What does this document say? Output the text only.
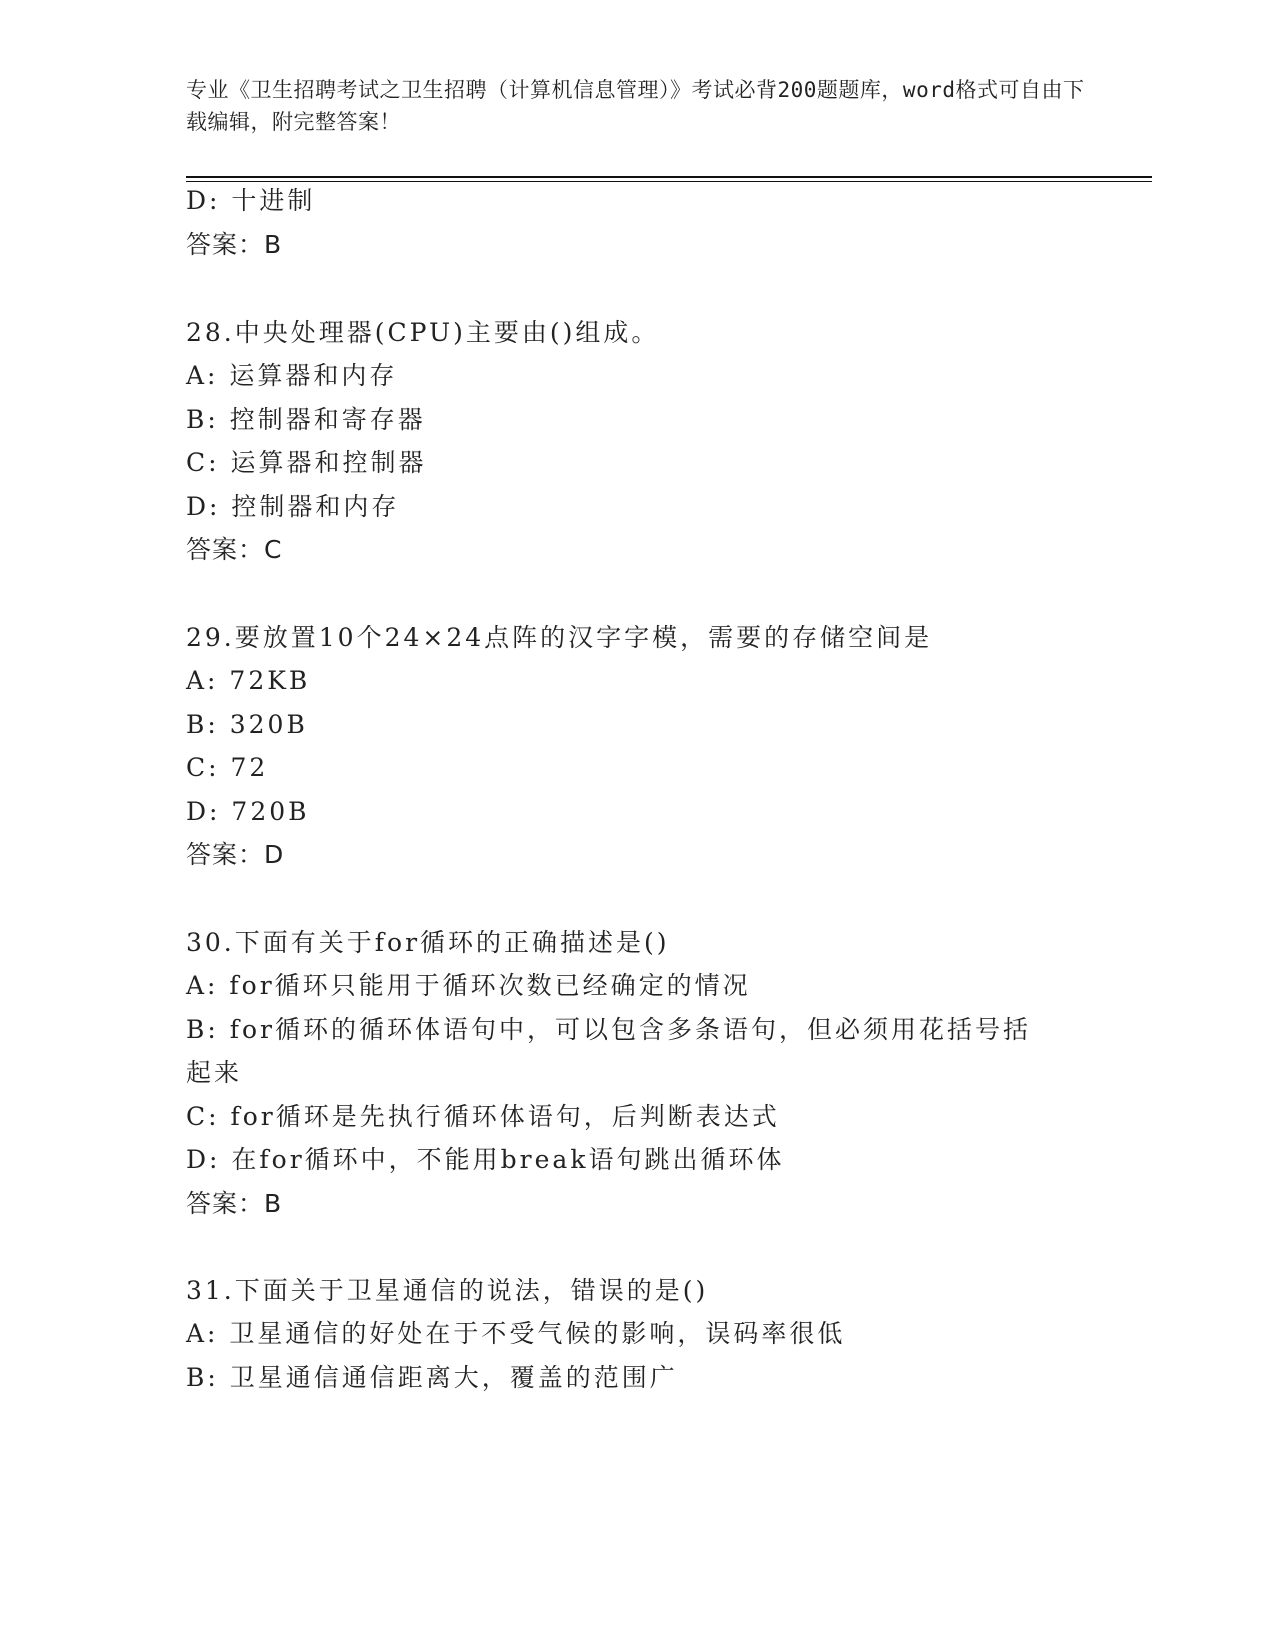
专业《卫生招聘考试之卫生招聘（计算机信息管理）》考试必背200题题库，word格式可自由下载编辑，附完整答案！
D: 十进制
答案：B
28.中央处理器(CPU)主要由()组成。
A: 运算器和内存
B: 控制器和寄存器
C: 运算器和控制器
D: 控制器和内存
答案：C
29.要放置10个24×24点阵的汉字字模，需要的存储空间是
A: 72KB
B: 320B
C: 72
D: 720B
答案：D
30.下面有关于for循环的正确描述是()
A: for循环只能用于循环次数已经确定的情况
B: for循环的循环体语句中，可以包含多条语句，但必须用花括号括
起来
C: for循环是先执行循环体语句，后判断表达式
D: 在for循环中，不能用break语句跳出循环体
答案：B
31.下面关于卫星通信的说法，错误的是()
A: 卫星通信的好处在于不受气候的影响，误码率很低
B: 卫星通信通信距离大，覆盖的范围广
